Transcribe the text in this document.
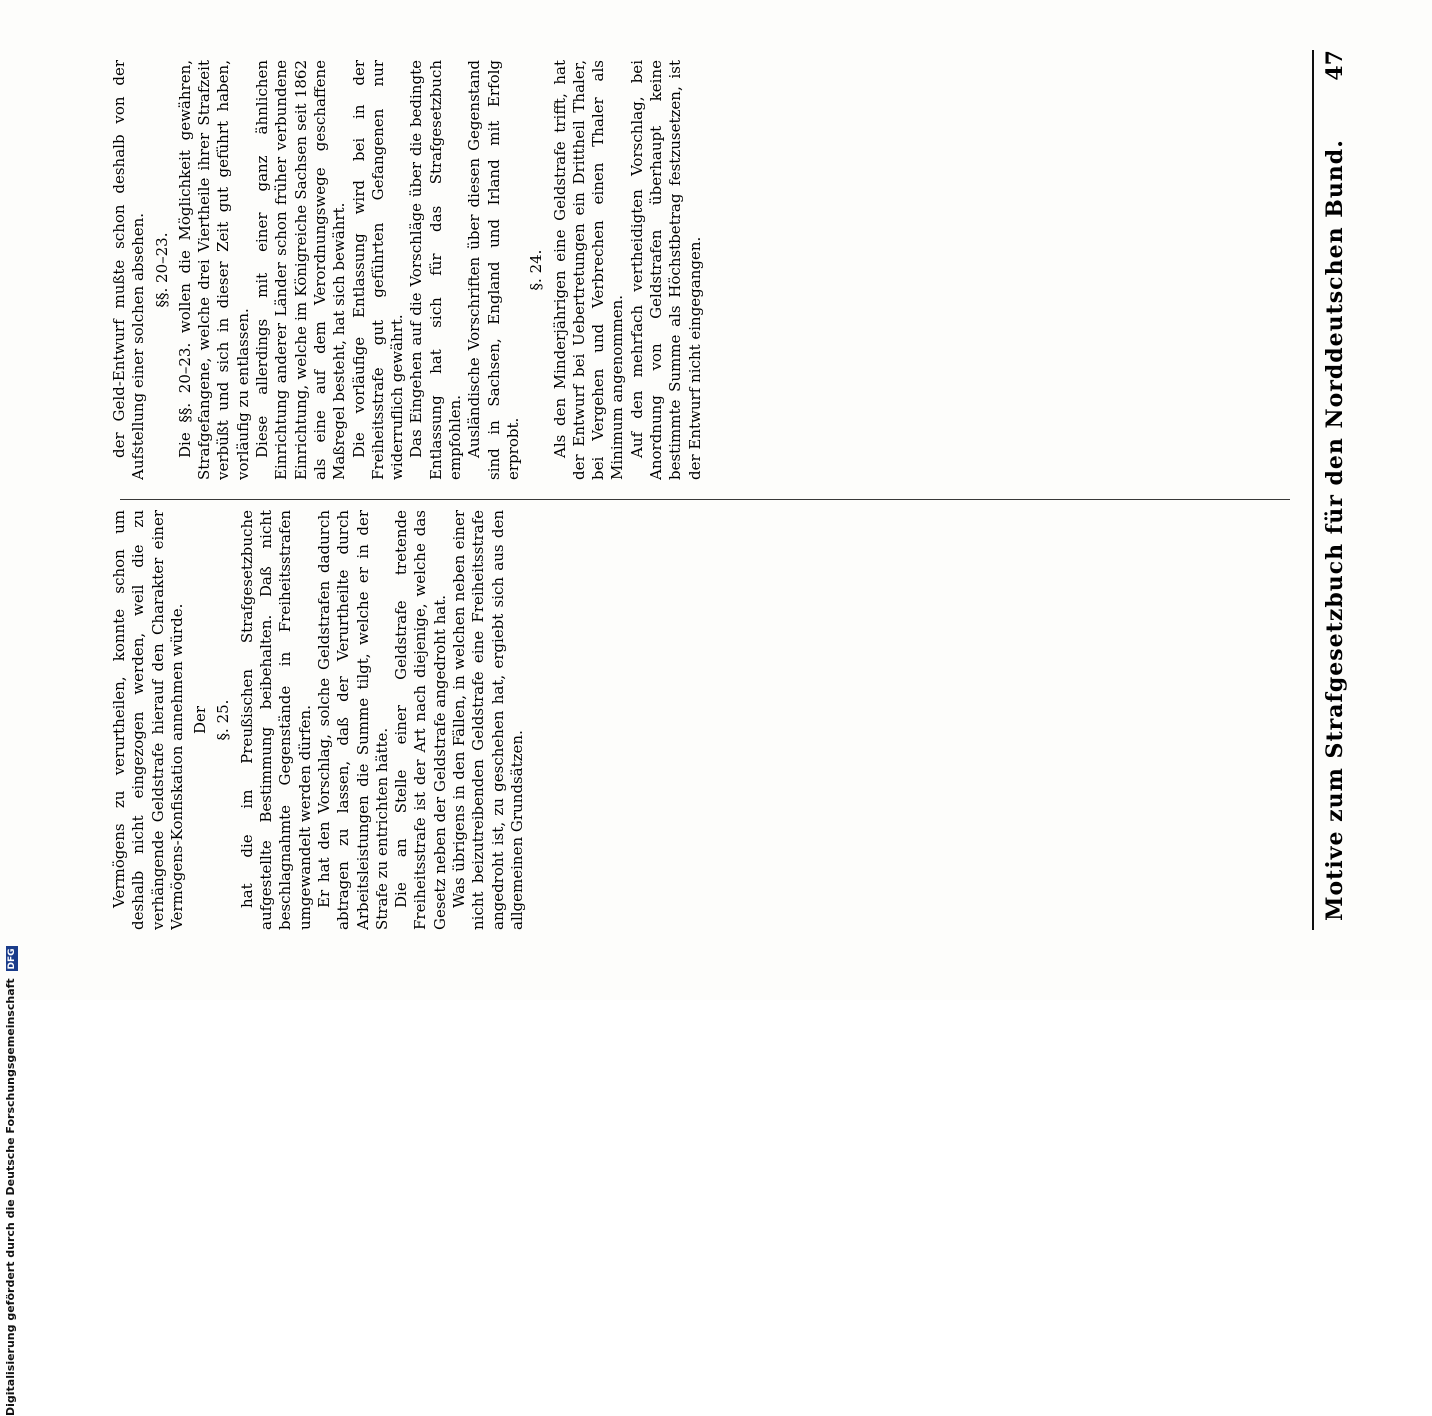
Motive zum Strafgesetzbuch für den Norddeutschen Bund.
47

Vermögens zu verurtheilen, konnte schon um deshalb nicht eingezogen werden, weil die zu verhängende Geldstrafe hierauf den Charakter einer Vermögens-Konfiskation annehmen würde. Der §. 25. hat die im Preußischen Strafgesetzbuche aufgestellte Bestimmung beibehalten. Daß nicht beschlagnahmte Gegenstände in Freiheitsstrafen umgewandelt werden dürfen. Er hat den Vorschlag, solche Geldstrafen dadurch abtragen zu lassen, daß der Verurtheilte durch Arbeitsleistungen die Summe tilgt, welche er in der Strafe zu entrichten hätte. Die an Stelle einer Geldstrafe tretende Freiheitsstrafe ist der Art nach diejenige, welche das Gesetz neben der Geldstrafe angedroht hat. Was übrigens in den Fällen, in welchen neben einer nicht beizutreibenden Geldstrafe eine Freiheitsstrafe angedroht ist, zu geschehen hat, ergiebt sich aus den allgemeinen Grundsätzen.

der Geld-Entwurf mußte schon deshalb von der Aufstellung einer solchen absehen. §§. 20–23. Die §§. 20–23. wollen die Möglichkeit gewähren, Strafgefangene, welche drei Viertheile ihrer Strafzeit verbüßt und sich in dieser Zeit gut geführt haben, vorläufig zu entlassen. Diese allerdings mit einer ganz ähnlichen Einrichtung anderer Länder schon früher verbundene Einrichtung, welche im Königreiche Sachsen seit 1862 als eine auf dem Verordnungswege geschaffene Maßregel besteht, hat sich bewährt. Die vorläufige Entlassung wird bei in der Freiheitsstrafe gut geführten Gefangenen nur widerruflich gewährt. Das Eingehen auf die Vorschläge über die bedingte Entlassung hat sich für das Strafgesetzbuch empfohlen. Ausländische Vorschriften über diesen Gegenstand sind in Sachsen, England und Irland mit Erfolg erprobt.

§. 24. Als den Minderjährigen eine Geldstrafe trifft, hat der Entwurf bei Uebertretungen ein Drittheil Thaler, bei Vergehen und Verbrechen einen Thaler als Minimum angenommen. Auf den mehrfach vertheidigten Vorschlag, bei Anordnung von Geldstrafen überhaupt keine bestimmte Summe als Höchstbetrag festzusetzen, ist der Entwurf nicht eingegangen.

Digitalisierung gefördert durch die Deutsche Forschungsgemeinschaft DFG
